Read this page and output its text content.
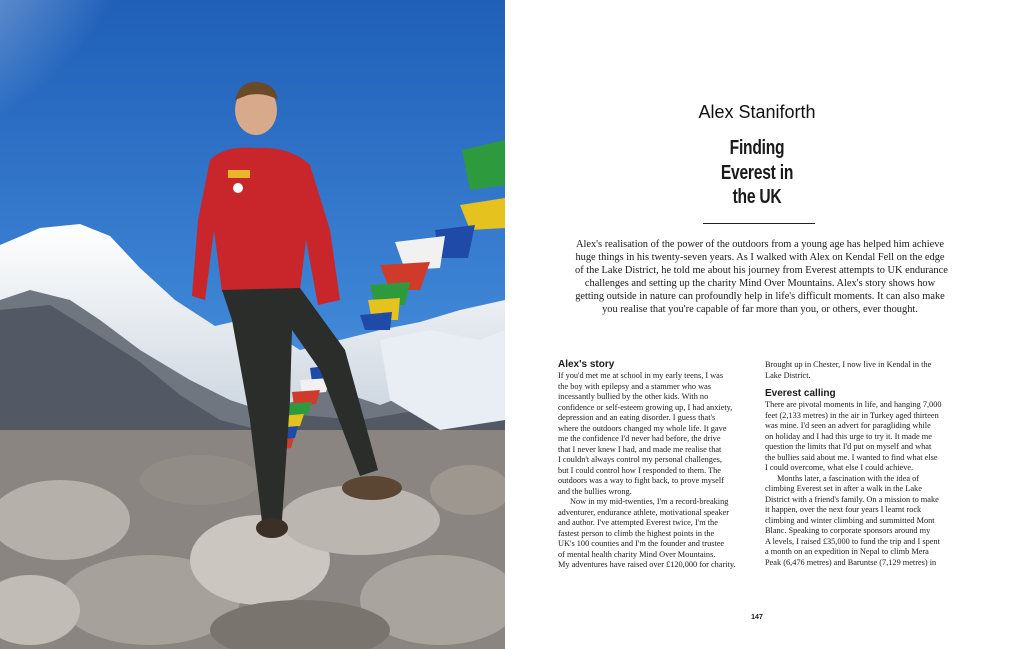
Alex Staniforth
Finding
Everest in
the UK
Alex's realisation of the power of the outdoors from a young age has helped him achieve
huge things in his twenty-seven years. As I walked with Alex on Kendal Fell on the edge
of the Lake District, he told me about his journey from Everest attempts to UK endurance
challenges and setting up the charity Mind Over Mountains. Alex's story shows how
getting outside in nature can profoundly help in life's difficult moments. It can also make
you realise that you're capable of far more than you, or others, ever thought.
Alex's story
If you'd met me at school in my early teens, I was
the boy with epilepsy and a stammer who was
incessantly bullied by the other kids. With no
confidence or self-esteem growing up, I had anxiety,
depression and an eating disorder. I guess that's
where the outdoors changed my whole life. It gave
me the confidence I'd never had before, the drive
that I never knew I had, and made me realise that
I couldn't always control my personal challenges,
but I could control how I responded to them. The
outdoors was a way to fight back, to prove myself
and the bullies wrong.
Now in my mid-twenties, I'm a record-breaking
adventurer, endurance athlete, motivational speaker
and author. I've attempted Everest twice, I'm the
fastest person to climb the highest points in the
UK's 100 counties and I'm the founder and trustee
of mental health charity Mind Over Mountains.
My adventures have raised over £120,000 for charity.
Brought up in Chester, I now live in Kendal in the
Lake District.
Everest calling
There are pivotal moments in life, and hanging 7,000
feet (2,133 metres) in the air in Turkey aged thirteen
was mine. I'd seen an advert for paragliding while
on holiday and I had this urge to try it. It made me
question the limits that I'd put on myself and what
the bullies said about me. I wanted to find what else
I could overcome, what else I could achieve.
Months later, a fascination with the idea of
climbing Everest set in after a walk in the Lake
District with a friend's family. On a mission to make
it happen, over the next four years I learnt rock
climbing and winter climbing and summitted Mont
Blanc. Speaking to corporate sponsors around my
A levels, I raised £35,000 to fund the trip and I spent
a month on an expedition in Nepal to climb Mera
Peak (6,476 metres) and Baruntse (7,129 metres) in
147
